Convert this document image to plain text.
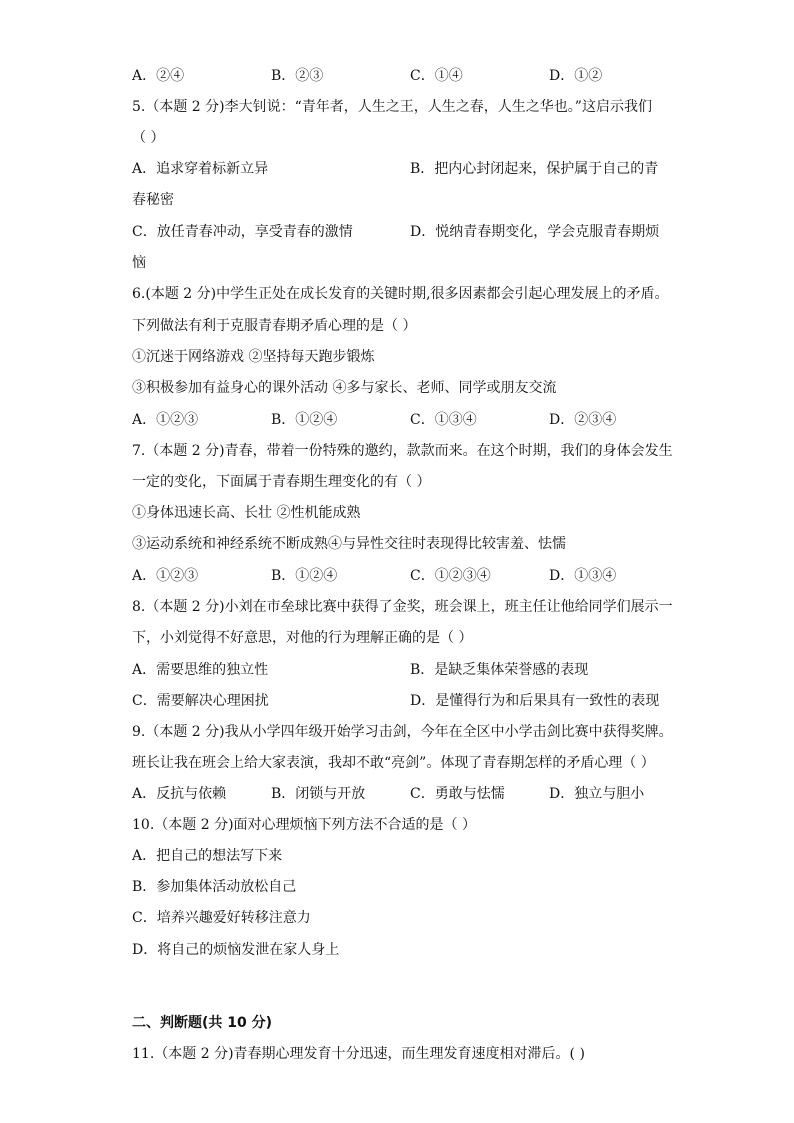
A．②④	B．②③	C．①④	D．①②
5.（本题 2 分)李大钊说：“青年者，人生之王，人生之春，人生之华也。”这启示我们
（ ）
A．追求穿着标新立异	B．把内心封闭起来，保护属于自己的青
春秘密
C．放任青春冲动，享受青春的激情	D．悦纳青春期变化，学会克服青春期烦
恼
6.(本题 2 分)中学生正处在成长发育的关键时期,很多因素都会引起心理发展上的矛盾。
下列做法有利于克服青春期矛盾心理的是（ ）
①沉迷于网络游戏 ②坚持每天跑步锻炼
③积极参加有益身心的课外活动 ④多与家长、老师、同学或朋友交流
A．①②③	B．①②④	C．①③④	D．②③④
7.（本题 2 分)青春，带着一份特殊的邀约，款款而来。在这个时期，我们的身体会发生
一定的变化，下面属于青春期生理变化的有（ ）
①身体迅速长高、长壮 ②性机能成熟
③运动系统和神经系统不断成熟④与异性交往时表现得比较害羞、怯懦
A．①②③	B．①②④	C．①②③④	D．①③④
8.（本题 2 分)小刘在市垒球比赛中获得了金奖，班会课上，班主任让他给同学们展示一
下，小刘觉得不好意思，对他的行为理解正确的是（ ）
A．需要思维的独立性	B．是缺乏集体荣誉感的表现
C．需要解决心理困扰	D．是懂得行为和后果具有一致性的表现
9.（本题 2 分)我从小学四年级开始学习击剑，今年在全区中小学击剑比赛中获得奖牌。
班长让我在班会上给大家表演，我却不敢“亮剑”。体现了青春期怎样的矛盾心理（ ）
A．反抗与依赖	B．闭锁与开放	C．勇敢与怯懦	D．独立与胆小
10.（本题 2 分)面对心理烦恼下列方法不合适的是（ ）
A．把自己的想法写下来
B．参加集体活动放松自己
C．培养兴趣爱好转移注意力
D．将自己的烦恼发泄在家人身上
二、判断题(共 10 分)
11.（本题 2 分)青春期心理发育十分迅速，而生理发育速度相对滞后。( )
